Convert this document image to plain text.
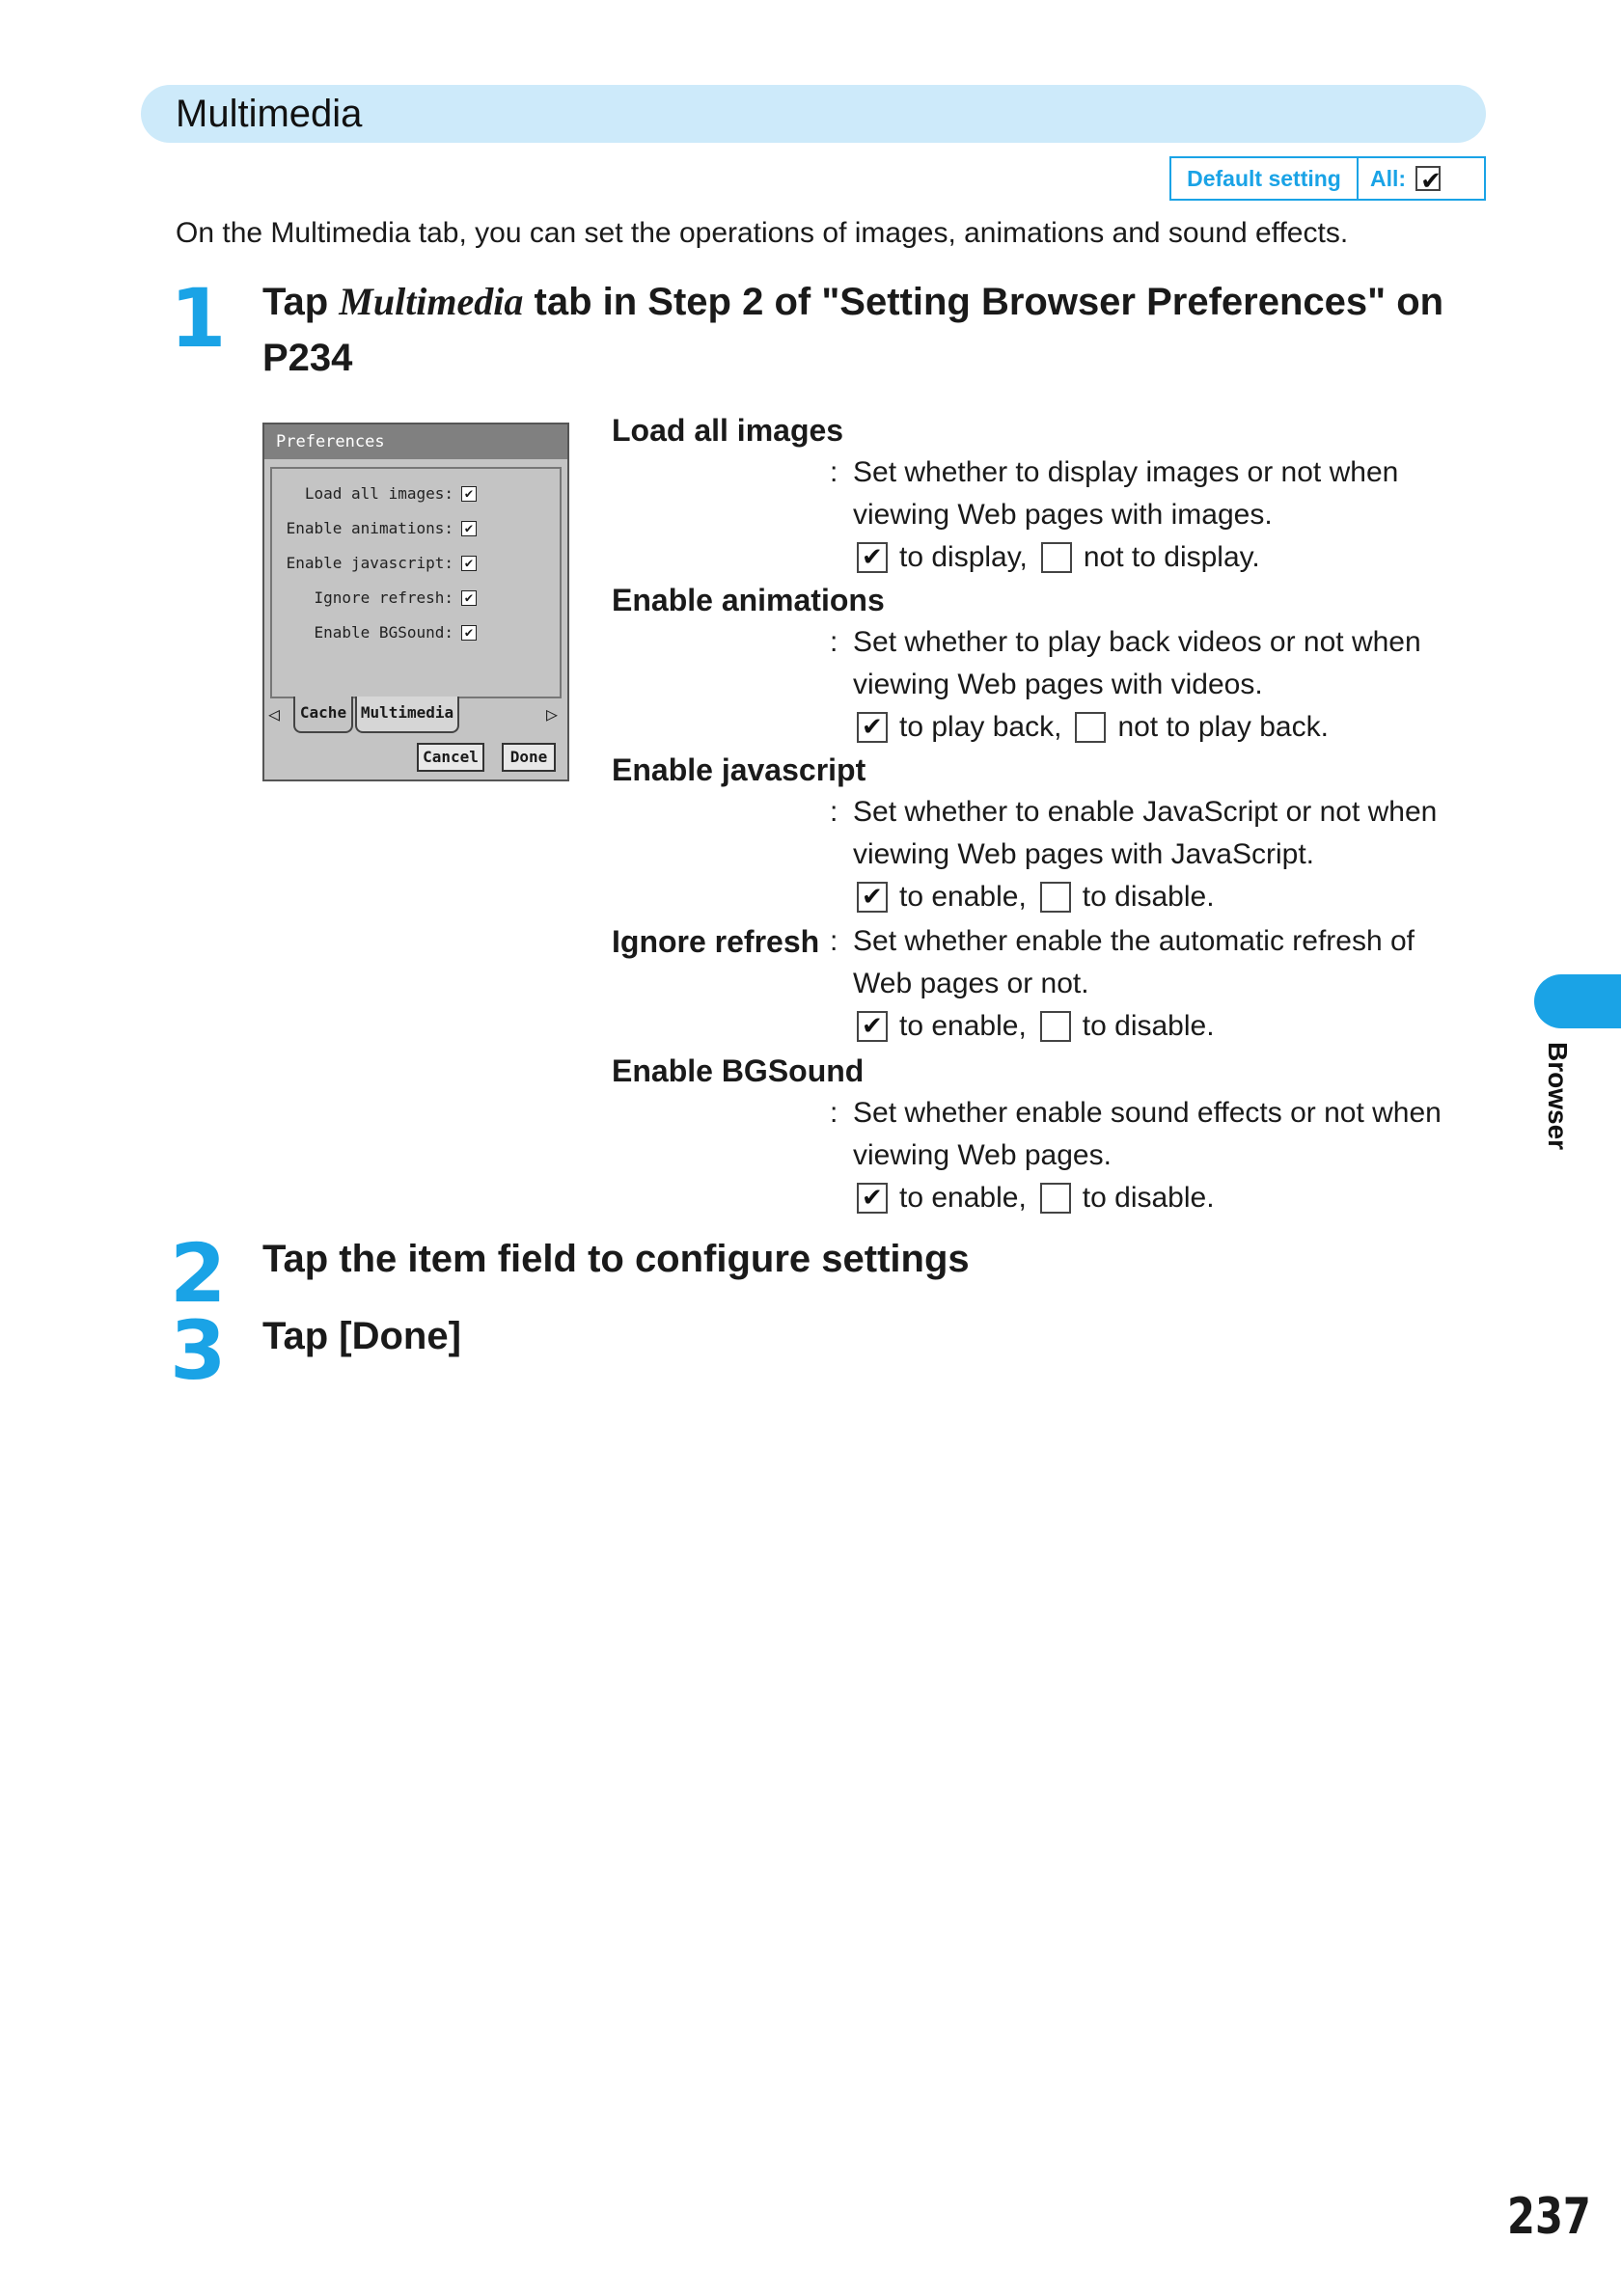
Multimedia
Default setting	All:
✔
On the Multimedia tab, you can set the operations of images, animations and sound effects.
1 Tap Multimedia tab in Step 2 of "Setting Browser Preferences" on
P234
Preferences
Load all images: ✔
Enable animations: ✔
Enable javascript: ✔
Ignore refresh: ✔
Enable BGSound: ✔
◁	Cache Multimedia	▷
Cancel	Done
Load all images
: Set whether to display images or not when
viewing Web pages with images.
✔
to display, not to display.
Enable animations
: Set whether to play back videos or not when
viewing Web pages with videos.
✔
to play back, not to play back.
Enable javascript
: Set whether to enable JavaScript or not when
viewing Web pages with JavaScript.
✔
to enable, to disable.
Ignore refresh : Set whether enable the automatic refresh of
Web pages or not.
✔
to enable, to disable.
Enable BGSound
: Set whether enable sound effects or not when
viewing Web pages.
✔
to enable, to disable.
2 Tap the item field to configure settings
3 Tap [Done]
Browser
237
